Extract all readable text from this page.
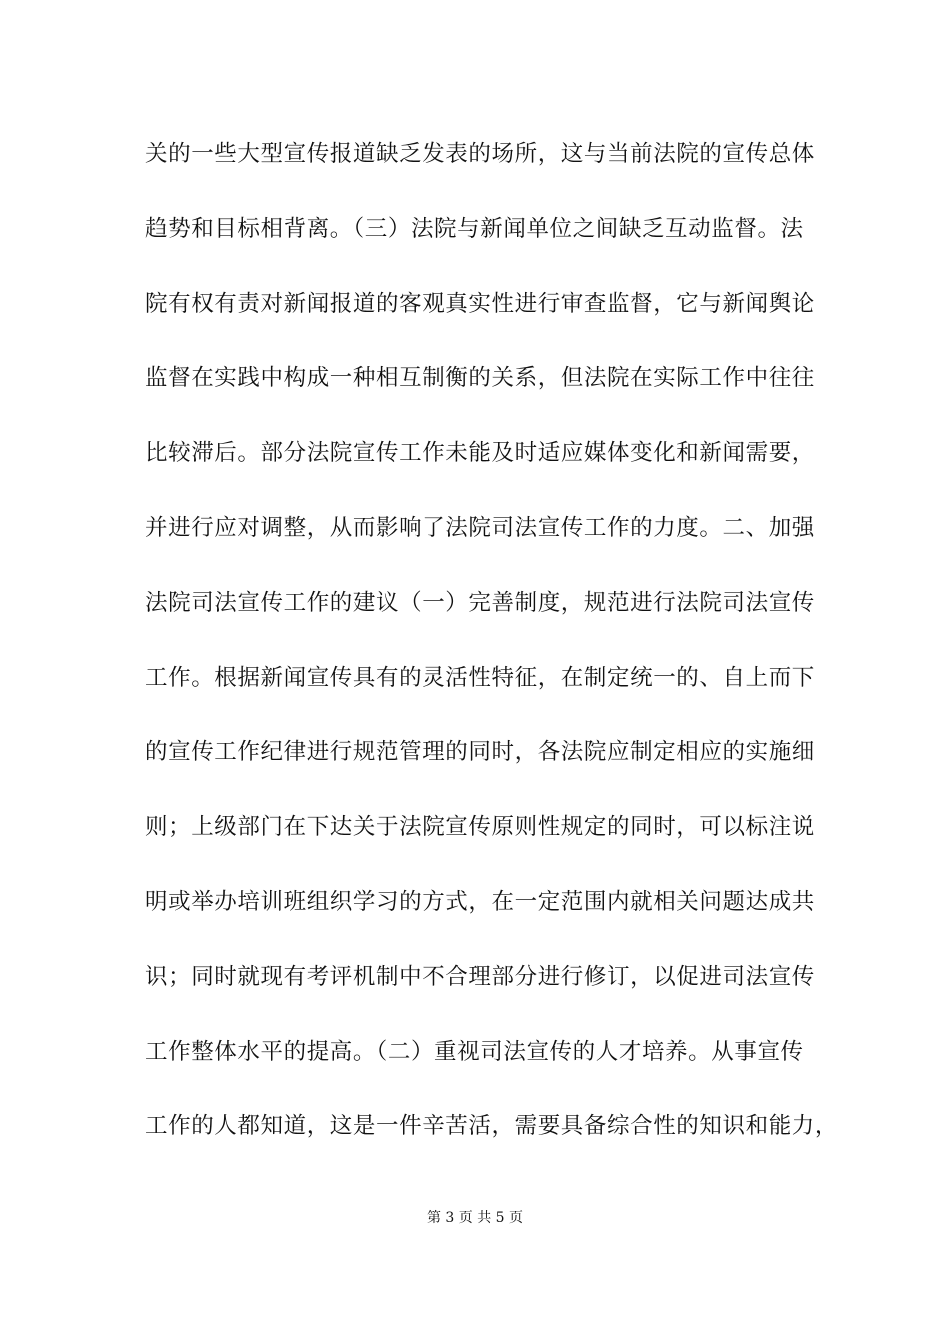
关的一些大型宣传报道缺乏发表的场所，这与当前法院的宣传总体
趋势和目标相背离。（三）法院与新闻单位之间缺乏互动监督。法
院有权有责对新闻报道的客观真实性进行审查监督，它与新闻舆论
监督在实践中构成一种相互制衡的关系，但法院在实际工作中往往
比较滞后。部分法院宣传工作未能及时适应媒体变化和新闻需要，
并进行应对调整，从而影响了法院司法宣传工作的力度。二、加强
法院司法宣传工作的建议（一）完善制度，规范进行法院司法宣传
工作。根据新闻宣传具有的灵活性特征，在制定统一的、自上而下
的宣传工作纪律进行规范管理的同时，各法院应制定相应的实施细
则；上级部门在下达关于法院宣传原则性规定的同时，可以标注说
明或举办培训班组织学习的方式，在一定范围内就相关问题达成共
识；同时就现有考评机制中不合理部分进行修订，以促进司法宣传
工作整体水平的提高。（二）重视司法宣传的人才培养。从事宣传
工作的人都知道，这是一件辛苦活，需要具备综合性的知识和能力，
第 3 页 共 5 页
